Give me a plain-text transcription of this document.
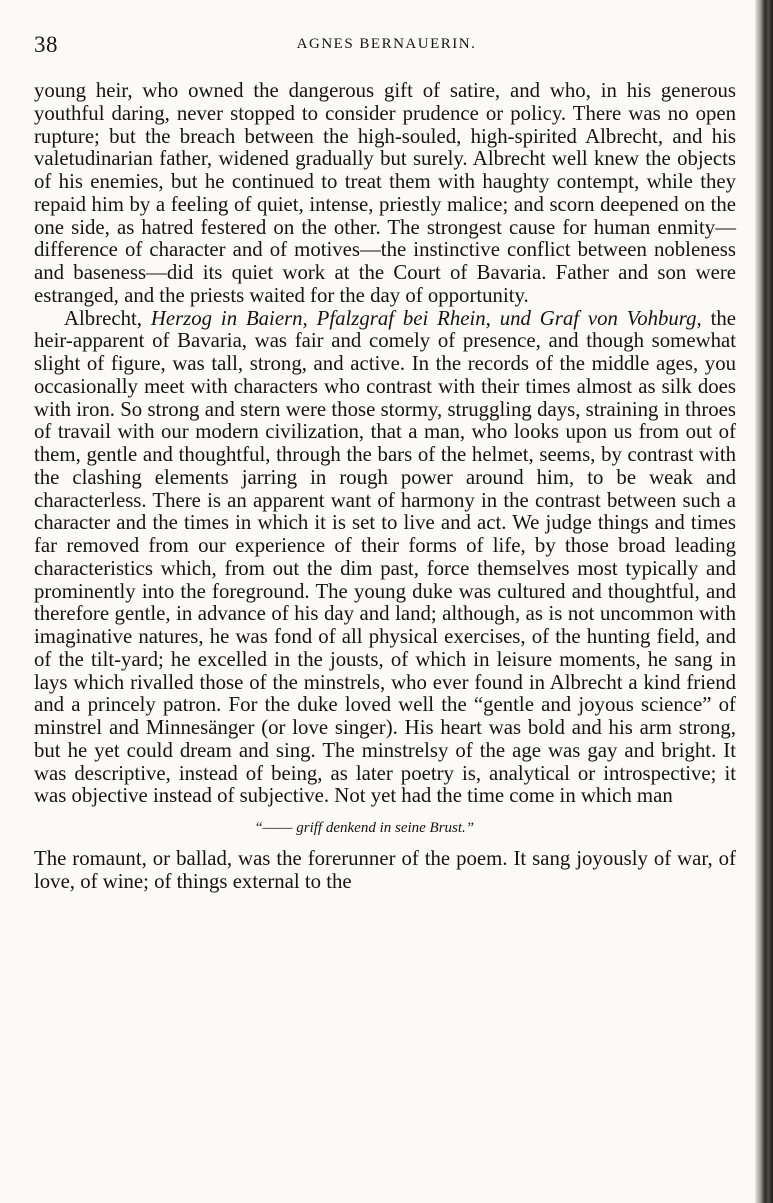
38	AGNES BERNAUERIN.
young heir, who owned the dangerous gift of satire, and who, in his generous youthful daring, never stopped to consider prudence or policy. There was no open rupture; but the breach between the high-souled, high-spirited Albrecht, and his valetudinarian father, widened gradually but surely. Albrecht well knew the objects of his enemies, but he continued to treat them with haughty contempt, while they repaid him by a feeling of quiet, intense, priestly malice; and scorn deepened on the one side, as hatred festered on the other. The strongest cause for human enmity—difference of character and of motives—the instinctive conflict between nobleness and baseness—did its quiet work at the Court of Bavaria. Father and son were estranged, and the priests waited for the day of opportunity.
Albrecht, Herzog in Baiern, Pfalzgraf bei Rhein, und Graf von Vohburg, the heir-apparent of Bavaria, was fair and comely of presence, and though somewhat slight of figure, was tall, strong, and active. In the records of the middle ages, you occasionally meet with characters who contrast with their times almost as silk does with iron. So strong and stern were those stormy, struggling days, straining in throes of travail with our modern civilization, that a man, who looks upon us from out of them, gentle and thoughtful, through the bars of the helmet, seems, by contrast with the clashing elements jarring in rough power around him, to be weak and characterless. There is an apparent want of harmony in the contrast between such a character and the times in which it is set to live and act. We judge things and times far removed from our experience of their forms of life, by those broad leading characteristics which, from out the dim past, force themselves most typically and prominently into the foreground. The young duke was cultured and thoughtful, and therefore gentle, in advance of his day and land; although, as is not uncommon with imaginative natures, he was fond of all physical exercises, of the hunting field, and of the tilt-yard; he excelled in the jousts, of which in leisure moments, he sang in lays which rivalled those of the minstrels, who ever found in Albrecht a kind friend and a princely patron. For the duke loved well the “gentle and joyous science” of minstrel and Minnesänger (or love singer). His heart was bold and his arm strong, but he yet could dream and sing. The minstrelsy of the age was gay and bright. It was descriptive, instead of being, as later poetry is, analytical or introspective; it was objective instead of subjective. Not yet had the time come in which man
“—— griff denkend in seine Brust.”
The romaunt, or ballad, was the forerunner of the poem. It sang joyously of war, of love, of wine; of things external to the
